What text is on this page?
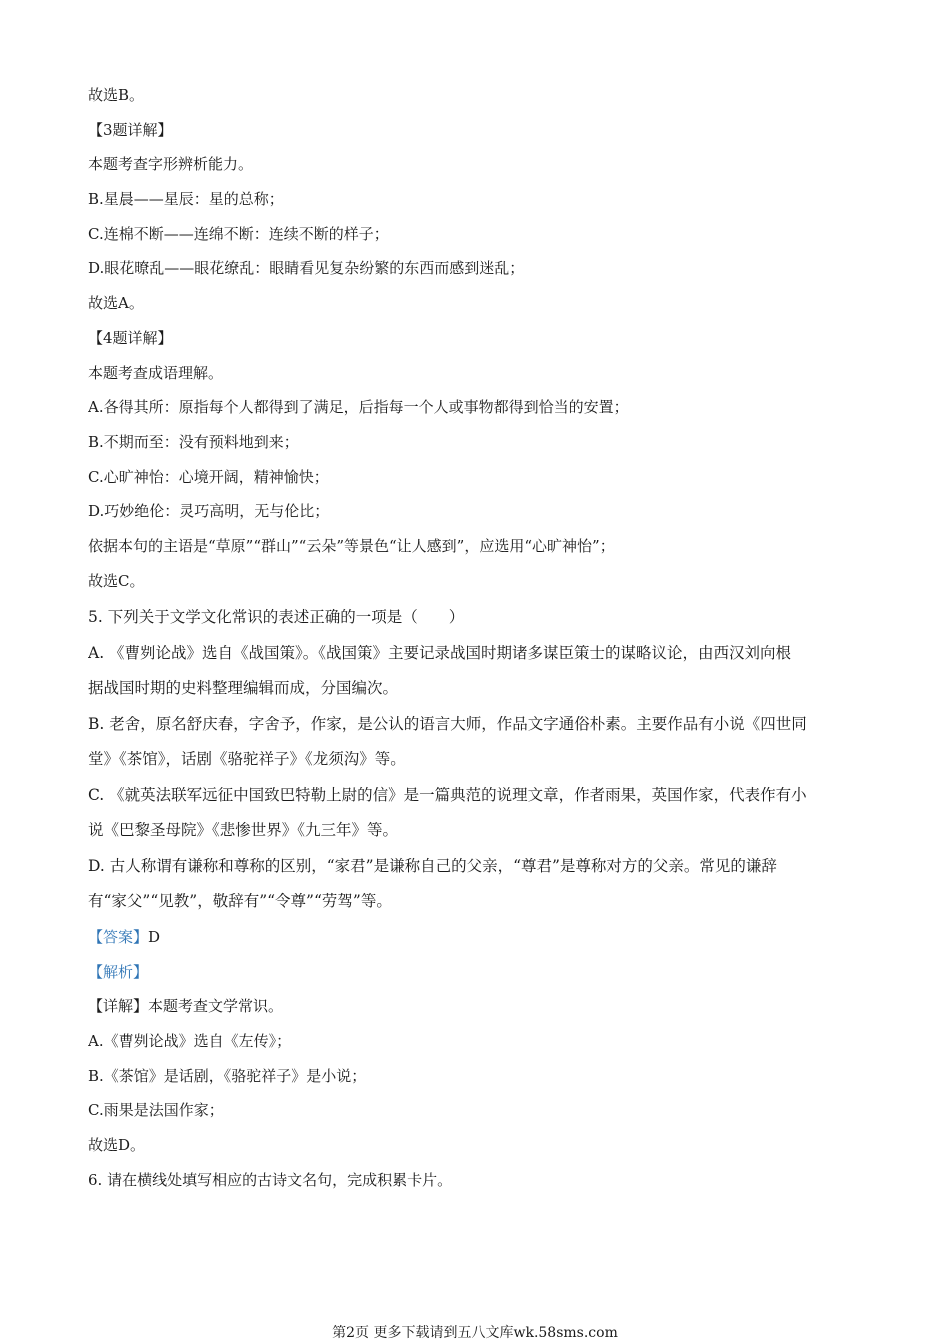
故选B。
【3题详解】
本题考查字形辨析能力。
B.星晨——星辰：星的总称；
C.连棉不断——连绵不断：连续不断的样子；
D.眼花暸乱——眼花缭乱：眼睛看见复杂纷繁的东西而感到迷乱；
故选A。
【4题详解】
本题考查成语理解。
A.各得其所：原指每个人都得到了满足，后指每一个人或事物都得到恰当的安置；
B.不期而至：没有预料地到来；
C.心旷神怡：心境开阔，精神愉快；
D.巧妙绝伦：灵巧高明，无与伦比；
依据本句的主语是“草原”“群山”“云朵”等景色“让人感到”，应选用“心旷神怡”；
故选C。
5. 下列关于文学文化常识的表述正确的一项是（　　）
A. 《曹刿论战》选自《战国策》。《战国策》主要记录战国时期诸多谋臣策士的谋略议论，由西汉刘向根
据战国时期的史料整理编辑而成，分国编次。
B. 老舍，原名舒庆春，字舍予，作家，是公认的语言大师，作品文字通俗朴素。主要作品有小说《四世同
堂》《茶馆》，话剧《骆驼祥子》《龙须沟》等。
C. 《就英法联军远征中国致巴特勒上尉的信》是一篇典范的说理文章，作者雨果，英国作家，代表作有小
说《巴黎圣母院》《悲惨世界》《九三年》等。
D. 古人称谓有谦称和尊称的区别，“家君”是谦称自己的父亲，“尊君”是尊称对方的父亲。常见的谦辞
有“家父”“见教”，敬辞有”“令尊”“劳驾”等。
【答案】D
【解析】
【详解】本题考查文学常识。
A.《曹刿论战》选自《左传》；
B.《茶馆》是话剧，《骆驼祥子》是小说；
C.雨果是法国作家；
故选D。
6. 请在横线处填写相应的古诗文名句，完成积累卡片。
第2页 更多下载请到五八文库wk.58sms.com
